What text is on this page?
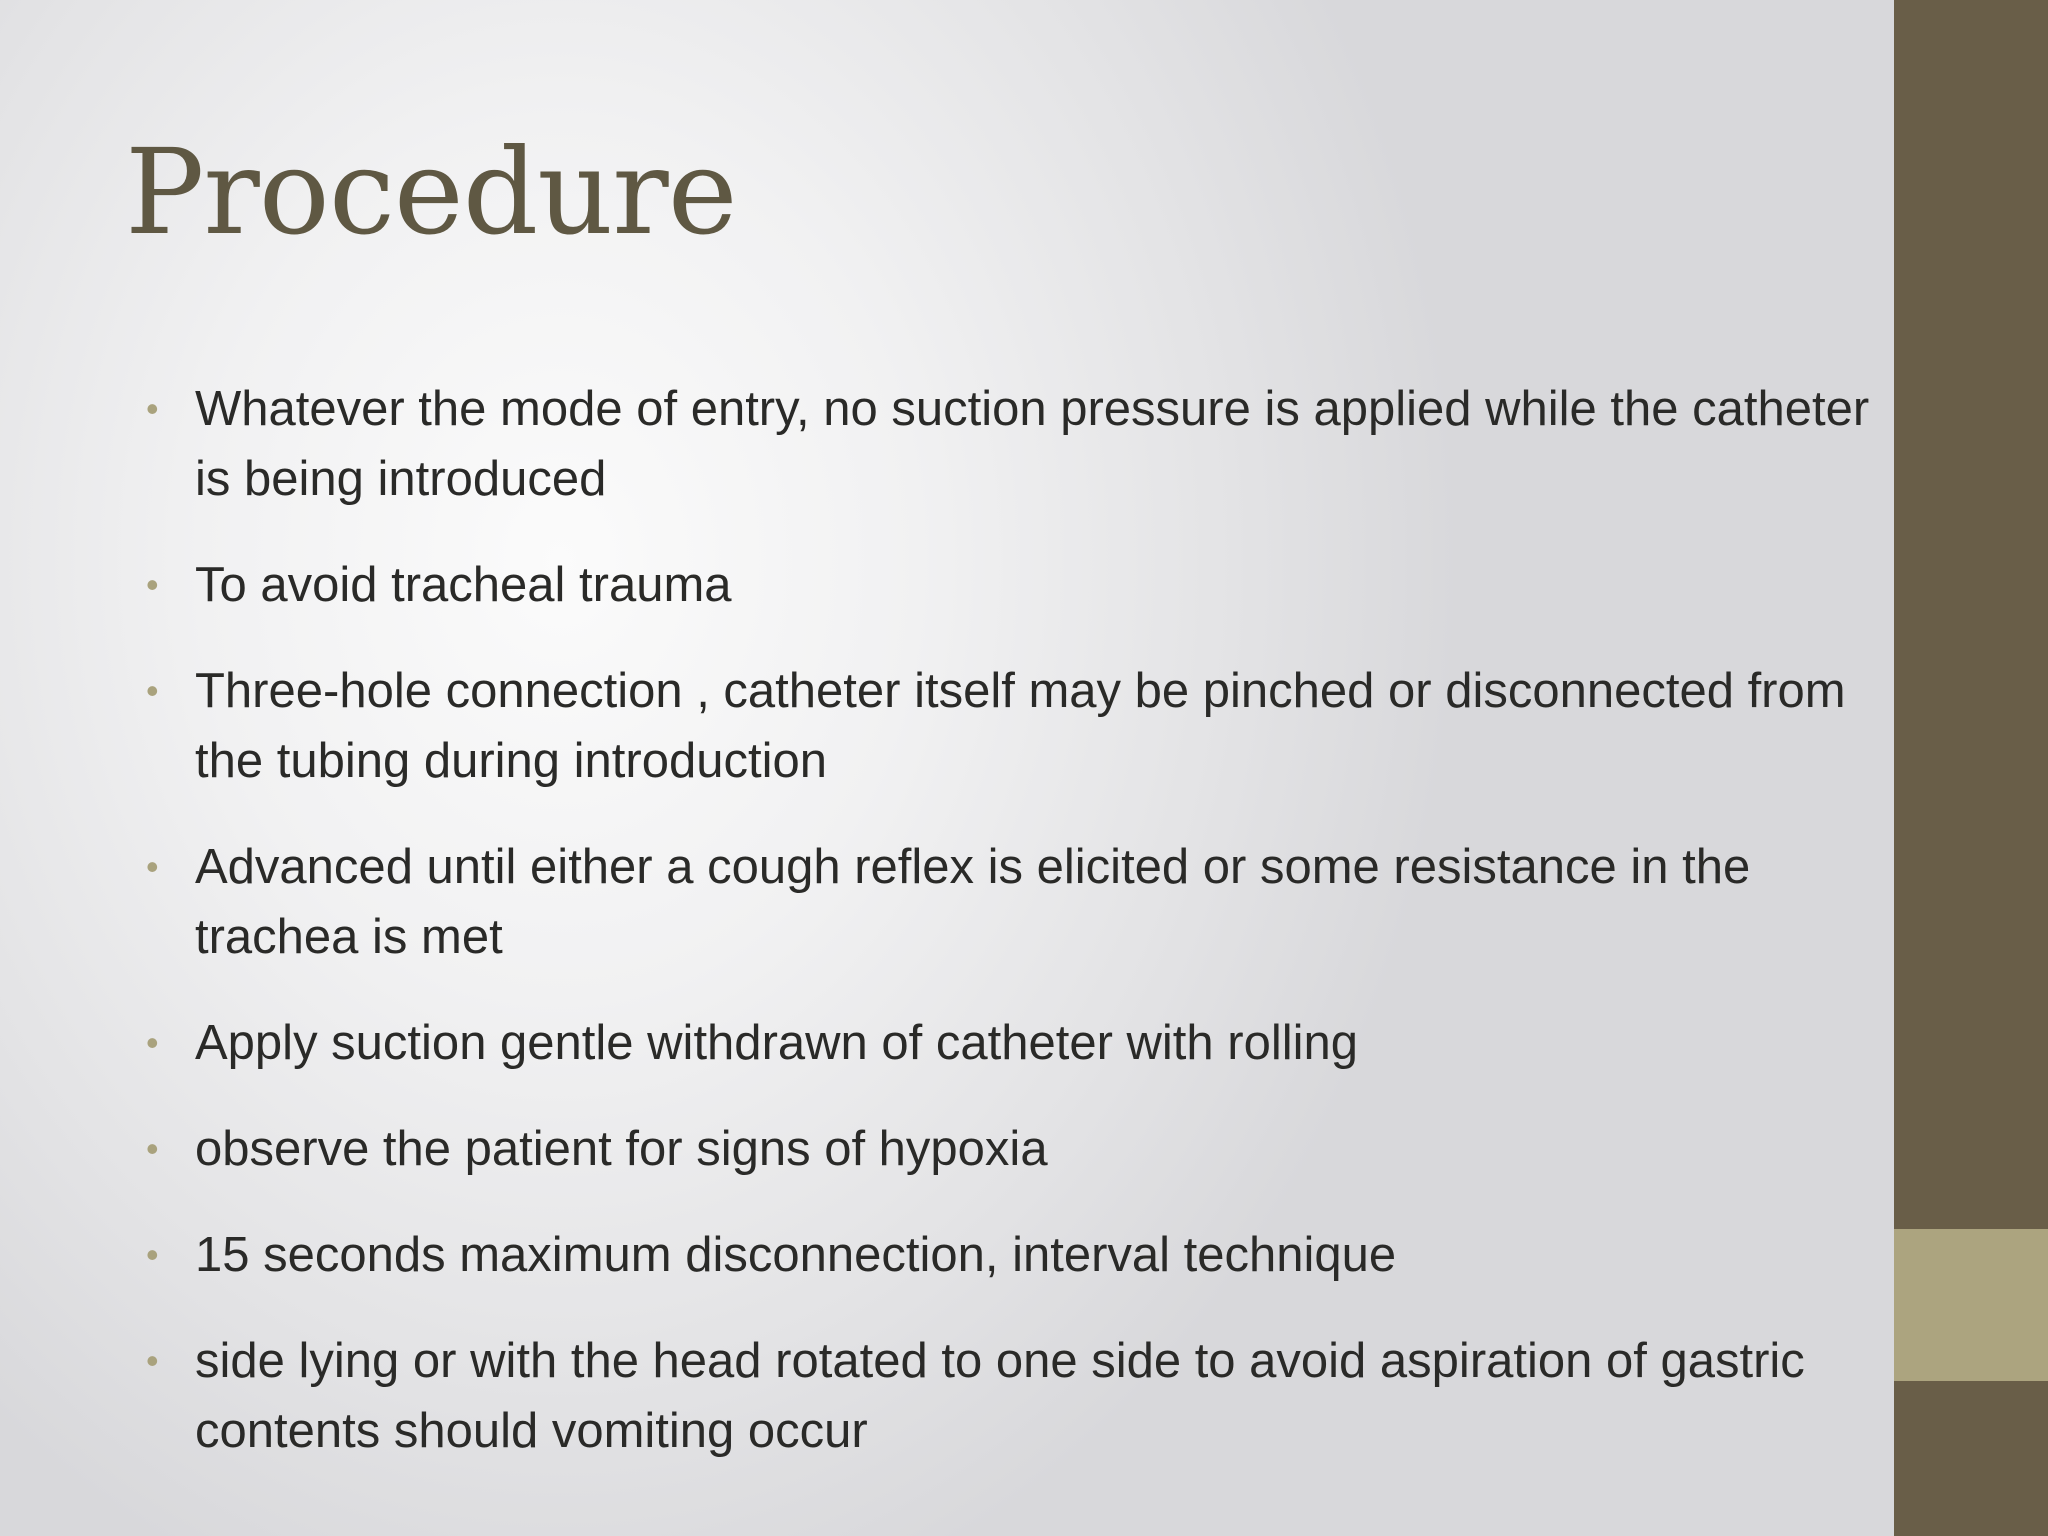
Procedure
• Whatever the mode of entry, no suction pressure is applied while the catheter is being introduced
• To avoid tracheal trauma
• Three-hole connection , catheter itself may be pinched or disconnected from the tubing during introduction
• Advanced until either a cough reflex is elicited or some resistance in the trachea is met
• Apply suction gentle withdrawn of catheter with rolling
• observe the patient for signs of hypoxia
• 15 seconds maximum disconnection, interval technique
• side lying or with the head rotated to one side to avoid aspiration of gastric contents should vomiting occur
